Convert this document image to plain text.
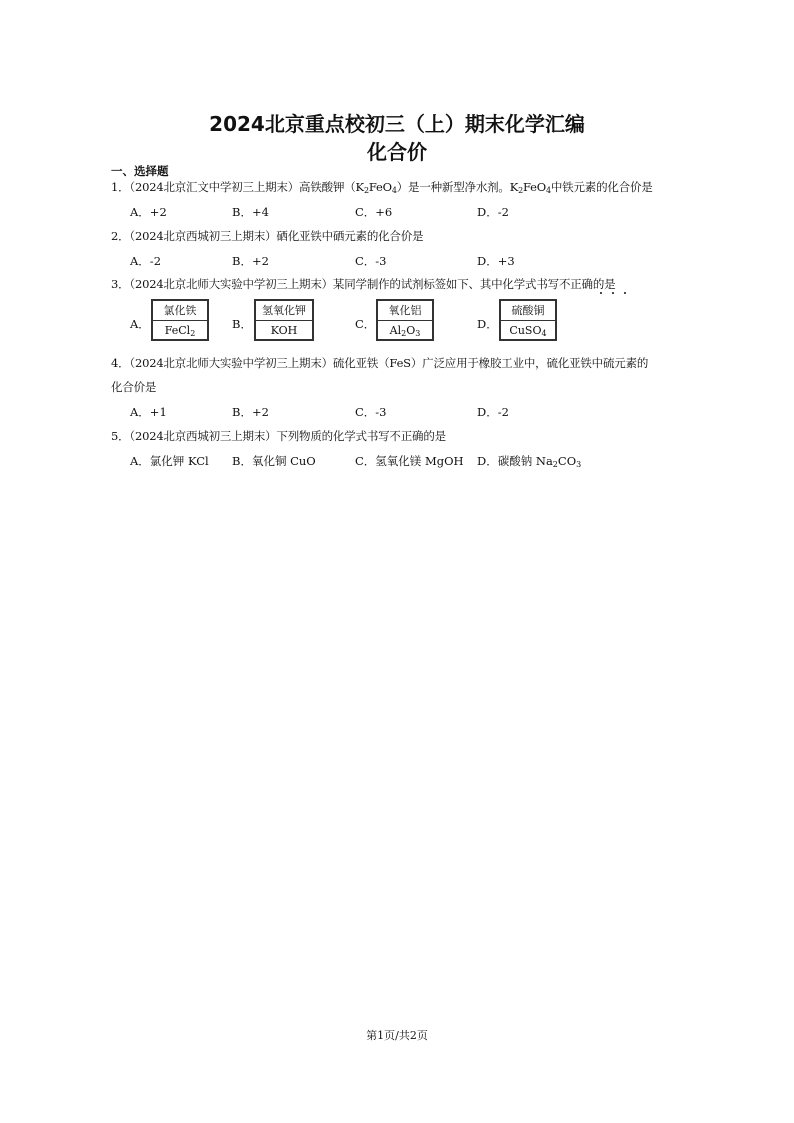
2024北京重点校初三（上）期末化学汇编
化合价
一、选择题
1．（2024北京汇文中学初三上期末）高铁酸钾$(K_2FeO_4)$是一种新型净水剂。$K_2FeO_4$中铁元素的化合价是
A．+2	B．+4	C．+6	D．-2
2．（2024北京西城初三上期末）硒化亚铁中硒元素的化合价是
A．-2	B．+2	C．-3	D．+3
3．（2024北京北师大实验中学初三上期末）某同学制作的试剂标签如下、其中化学式书写不正确的是
A．
氯化铁
FeCl$_2$
B．
氢氧化钾
KOH	C．
氧化铝
$Al_2O_3$
D．
硫酸铜
CuSO$_4$
4．（2024北京北师大实验中学初三上期末）硫化亚铁（FeS）广泛应用于橡胶工业中，硫化亚铁中硫元素的
化合价是
A．+1	B．+2	C．-3	D．-2
5．（2024北京西城初三上期末）下列物质的化学式书写不正确的是
A．氯化钾 KCl B．氧化铜 CuO	C．氢氧化镁 MgOH D．碳酸钠 $Na_2CO_3$
第1页/共2页
